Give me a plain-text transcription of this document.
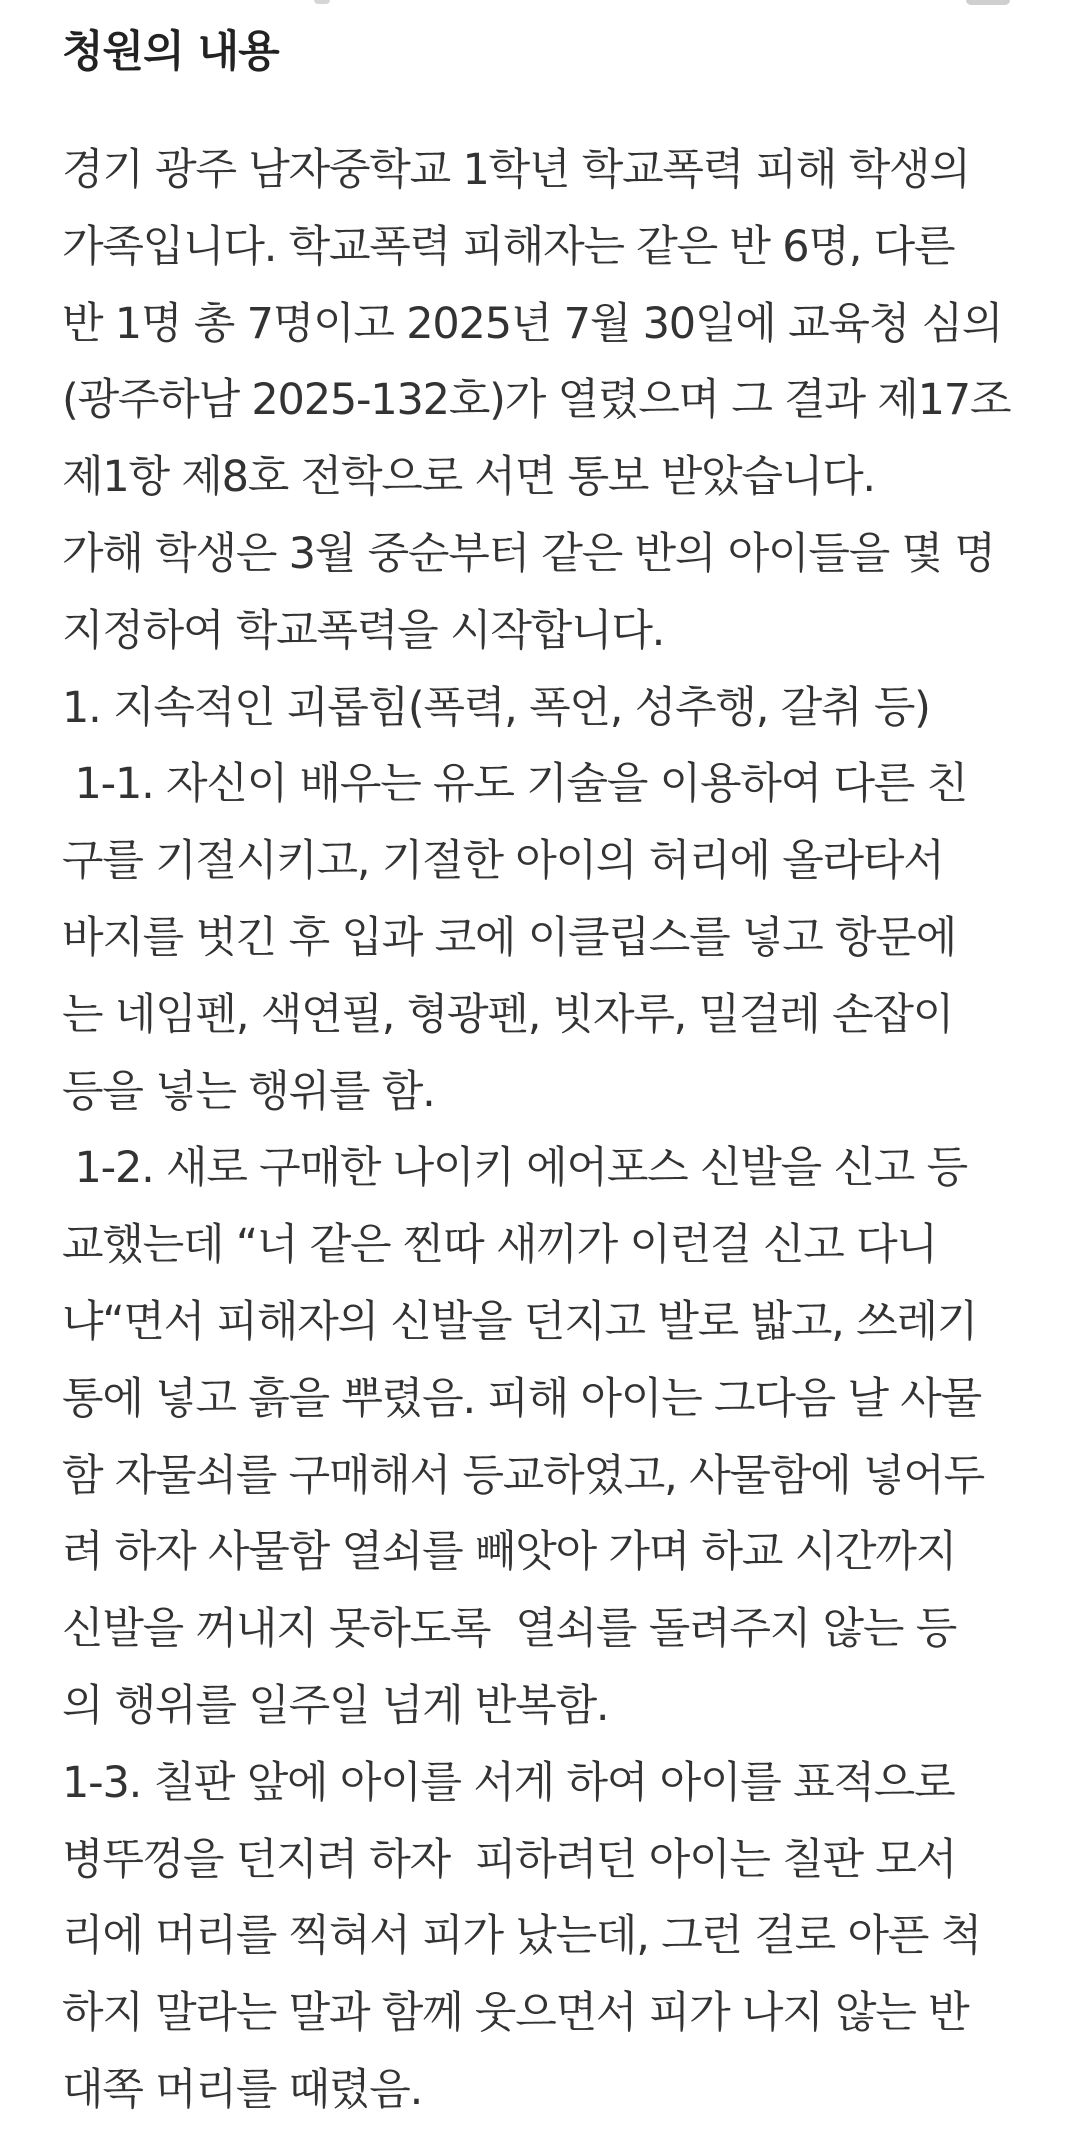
청원의 내용
경기 광주 남자중학교 1학년 학교폭력 피해 학생의
가족입니다. 학교폭력 피해자는 같은 반 6명, 다른
반 1명 총 7명이고 2025년 7월 30일에 교육청 심의
(광주하남 2025-132호)가 열렸으며 그 결과 제17조
제1항 제8호 전학으로 서면 통보 받았습니다.
가해 학생은 3월 중순부터 같은 반의 아이들을 몇 명
지정하여 학교폭력을 시작합니다.
1. 지속적인 괴롭힘(폭력, 폭언, 성추행, 갈취 등)
1-1. 자신이 배우는 유도 기술을 이용하여 다른 친
구를 기절시키고, 기절한 아이의 허리에 올라타서
바지를 벗긴 후 입과 코에 이클립스를 넣고 항문에
는 네임펜, 색연필, 형광펜, 빗자루, 밀걸레 손잡이
등을 넣는 행위를 함.
1-2. 새로 구매한 나이키 에어포스 신발을 신고 등
교했는데 “너 같은 찐따 새끼가 이런걸 신고 다니
냐“면서 피해자의 신발을 던지고 발로 밟고, 쓰레기
통에 넣고 흙을 뿌렸음. 피해 아이는 그다음 날 사물
함 자물쇠를 구매해서 등교하였고, 사물함에 넣어두
려 하자 사물함 열쇠를 빼앗아 가며 하교 시간까지
신발을 꺼내지 못하도록  열쇠를 돌려주지 않는 등
의 행위를 일주일 넘게 반복함.
1-3. 칠판 앞에 아이를 서게 하여 아이를 표적으로
병뚜껑을 던지려 하자  피하려던 아이는 칠판 모서
리에 머리를 찍혀서 피가 났는데, 그런 걸로 아픈 척
하지 말라는 말과 함께 웃으면서 피가 나지 않는 반
대쪽 머리를 때렸음.
